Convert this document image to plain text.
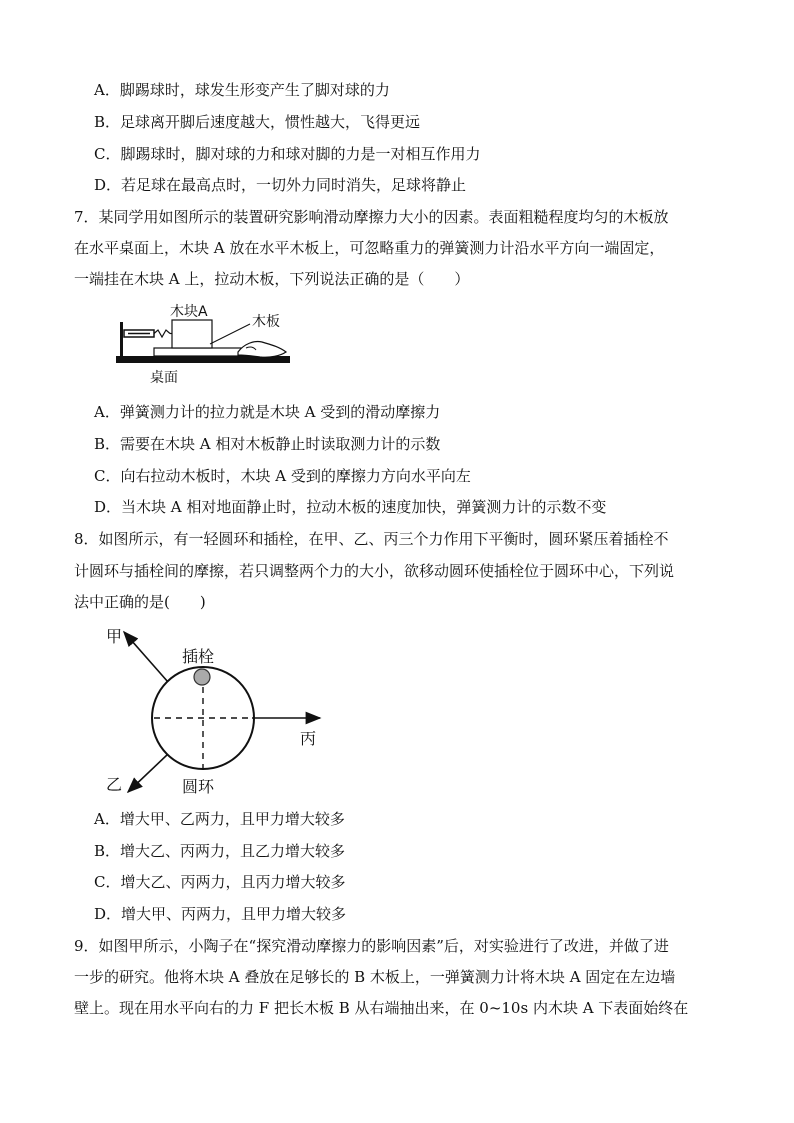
A．脚踢球时，球发生形变产生了脚对球的力
B．足球离开脚后速度越大，惯性越大，飞得更远
C．脚踢球时，脚对球的力和球对脚的力是一对相互作用力
D．若足球在最高点时，一切外力同时消失，足球将静止
7．某同学用如图所示的装置研究影响滑动摩擦力大小的因素。表面粗糙程度均匀的木板放
在水平桌面上，木块 A 放在水平木板上，可忽略重力的弹簧测力计沿水平方向一端固定，
一端挂在木块 A 上，拉动木板，下列说法正确的是（　　）
木块A
木板
桌面
A．弹簧测力计的拉力就是木块 A 受到的滑动摩擦力
B．需要在木块 A 相对木板静止时读取测力计的示数
C．向右拉动木板时，木块 A 受到的摩擦力方向水平向左
D．当木块 A 相对地面静止时，拉动木板的速度加快，弹簧测力计的示数不变
8．如图所示，有一轻圆环和插栓，在甲、乙、丙三个力作用下平衡时，圆环紧压着插栓不
计圆环与插栓间的摩擦，若只调整两个力的大小，欲移动圆环使插栓位于圆环中心，下列说
法中正确的是(　　)
甲
丙
乙
插栓
圆环
A．增大甲、乙两力，且甲力增大较多
B．增大乙、丙两力，且乙力增大较多
C．增大乙、丙两力，且丙力增大较多
D．增大甲、丙两力，且甲力增大较多
9．如图甲所示，小陶子在“探究滑动摩擦力的影响因素”后，对实验进行了改进，并做了进
一步的研究。他将木块 A 叠放在足够长的 B 木板上，一弹簧测力计将木块 A 固定在左边墙
壁上。现在用水平向右的力 F 把长木板 B 从右端抽出来，在 0~10s 内木块 A 下表面始终在
